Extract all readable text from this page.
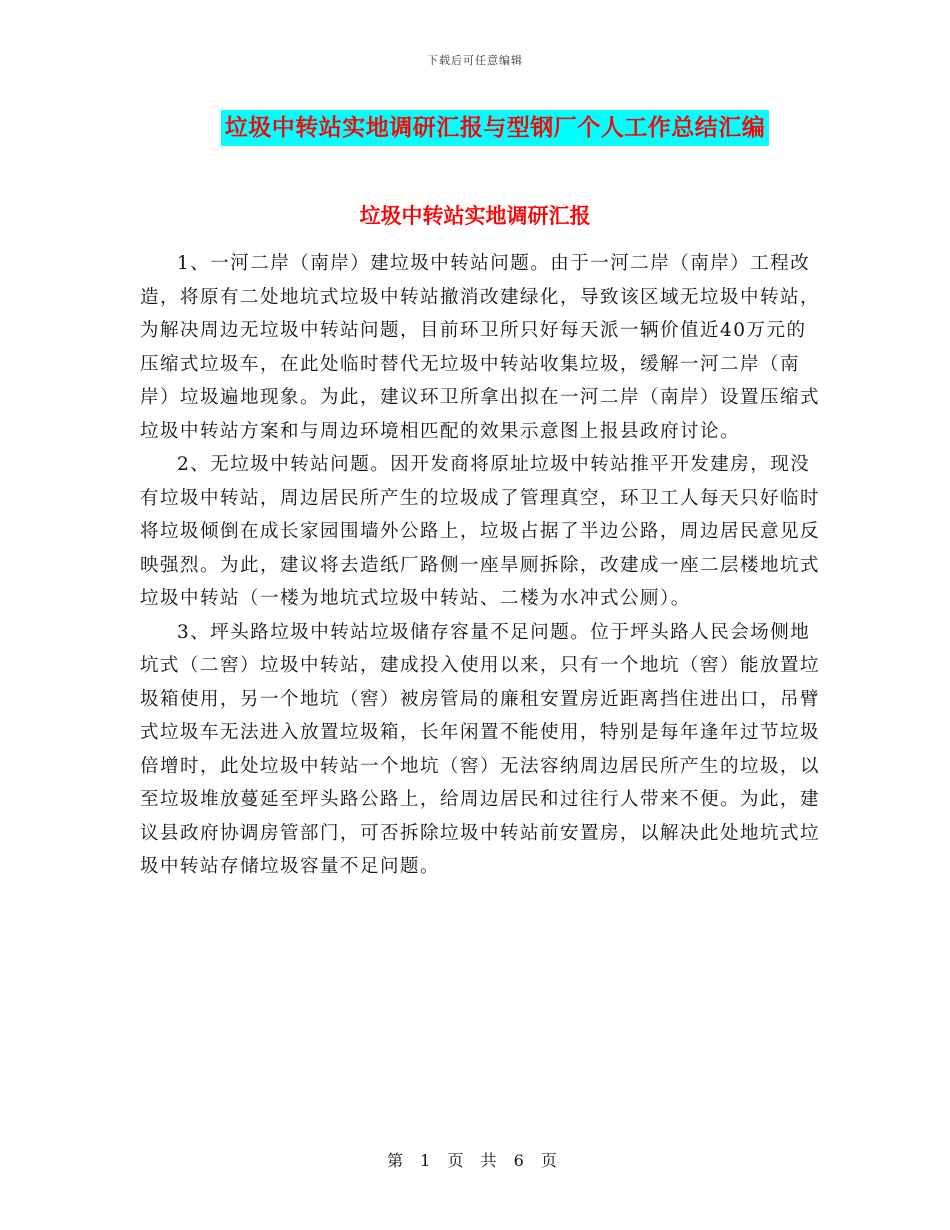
下载后可任意编辑
垃圾中转站实地调研汇报与型钢厂个人工作总结汇编
垃圾中转站实地调研汇报

1、一河二岸（南岸）建垃圾中转站问题。由于一河二岸（南岸）工程改造，将原有二处地坑式垃圾中转站撤消改建绿化，导致该区域无垃圾中转站，为解决周边无垃圾中转站问题，目前环卫所只好每天派一辆价值近40万元的压缩式垃圾车，在此处临时替代无垃圾中转站收集垃圾，缓解一河二岸（南岸）垃圾遍地现象。为此，建议环卫所拿出拟在一河二岸（南岸）设置压缩式垃圾中转站方案和与周边环境相匹配的效果示意图上报县政府讨论。

2、无垃圾中转站问题。因开发商将原址垃圾中转站推平开发建房，现没有垃圾中转站，周边居民所产生的垃圾成了管理真空，环卫工人每天只好临时将垃圾倾倒在成长家园围墙外公路上，垃圾占据了半边公路，周边居民意见反映强烈。为此，建议将去造纸厂路侧一座旱厕拆除，改建成一座二层楼地坑式垃圾中转站（一楼为地坑式垃圾中转站、二楼为水冲式公厕）。

3、坪头路垃圾中转站垃圾储存容量不足问题。位于坪头路人民会场侧地坑式（二窖）垃圾中转站，建成投入使用以来，只有一个地坑（窖）能放置垃圾箱使用，另一个地坑（窖）被房管局的廉租安置房近距离挡住进出口，吊臂式垃圾车无法进入放置垃圾箱，长年闲置不能使用，特别是每年逢年过节垃圾倍增时，此处垃圾中转站一个地坑（窖）无法容纳周边居民所产生的垃圾，以至垃圾堆放蔓延至坪头路公路上，给周边居民和过往行人带来不便。为此，建议县政府协调房管部门，可否拆除垃圾中转站前安置房，以解决此处地坑式垃圾中转站存储垃圾容量不足问题。

第 1 页 共 6 页
